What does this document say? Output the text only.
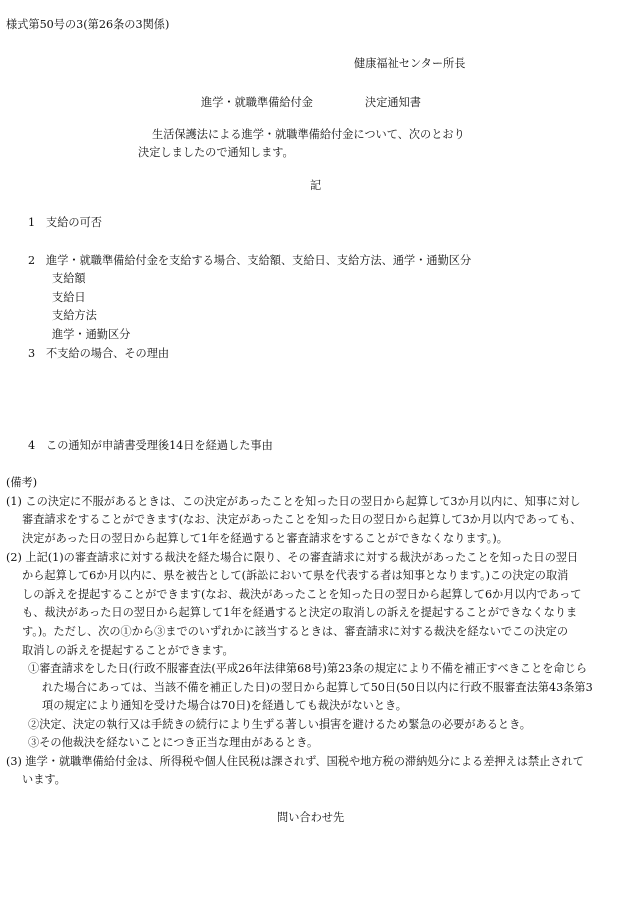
様式第50号の3(第26条の3関係)
健康福祉センター所長
進学・就職準備給付金	決定通知書
生活保護法による進学・就職準備給付金について、次のとおり
決定しましたので通知します。
記
1 支給の可否
2 進学・就職準備給付金を支給する場合、支給額、支給日、支給方法、通学・通勤区分
支給額
支給日
支給方法
進学・通勤区分
3 不支給の場合、その理由
4 この通知が申請書受理後14日を経過した事由
(備考)
(1) この決定に不服があるときは、この決定があったことを知った日の翌日から起算して3か月以内に、知事に対し
審査請求をすることができます(なお、決定があったことを知った日の翌日から起算して3か月以内であっても、
決定があった日の翌日から起算して1年を経過すると審査請求をすることができなくなります。)。
(2) 上記(1)の審査請求に対する裁決を経た場合に限り、その審査請求に対する裁決があったことを知った日の翌日
から起算して6か月以内に、県を被告として(訴訟において県を代表する者は知事となります。)この決定の取消
しの訴えを提起することができます(なお、裁決があったことを知った日の翌日から起算して6か月以内であって
も、裁決があった日の翌日から起算して1年を経過すると決定の取消しの訴えを提起することができなくなりま
す。)。ただし、次の①から③までのいずれかに該当するときは、審査請求に対する裁決を経ないでこの決定の
取消しの訴えを提起することができます。
①審査請求をした日(行政不服審査法(平成26年法律第68号)第23条の規定により不備を補正すべきことを命じら
れた場合にあっては、当該不備を補正した日)の翌日から起算して50日(50日以内に行政不服審査法第43条第3
項の規定により通知を受けた場合は70日)を経過しても裁決がないとき。
②決定、決定の執行又は手続きの続行により生ずる著しい損害を避けるため緊急の必要があるとき。
③その他裁決を経ないことにつき正当な理由があるとき。
(3) 進学・就職準備給付金は、所得税や個人住民税は課されず、国税や地方税の滞納処分による差押えは禁止されて
います。
問い合わせ先
